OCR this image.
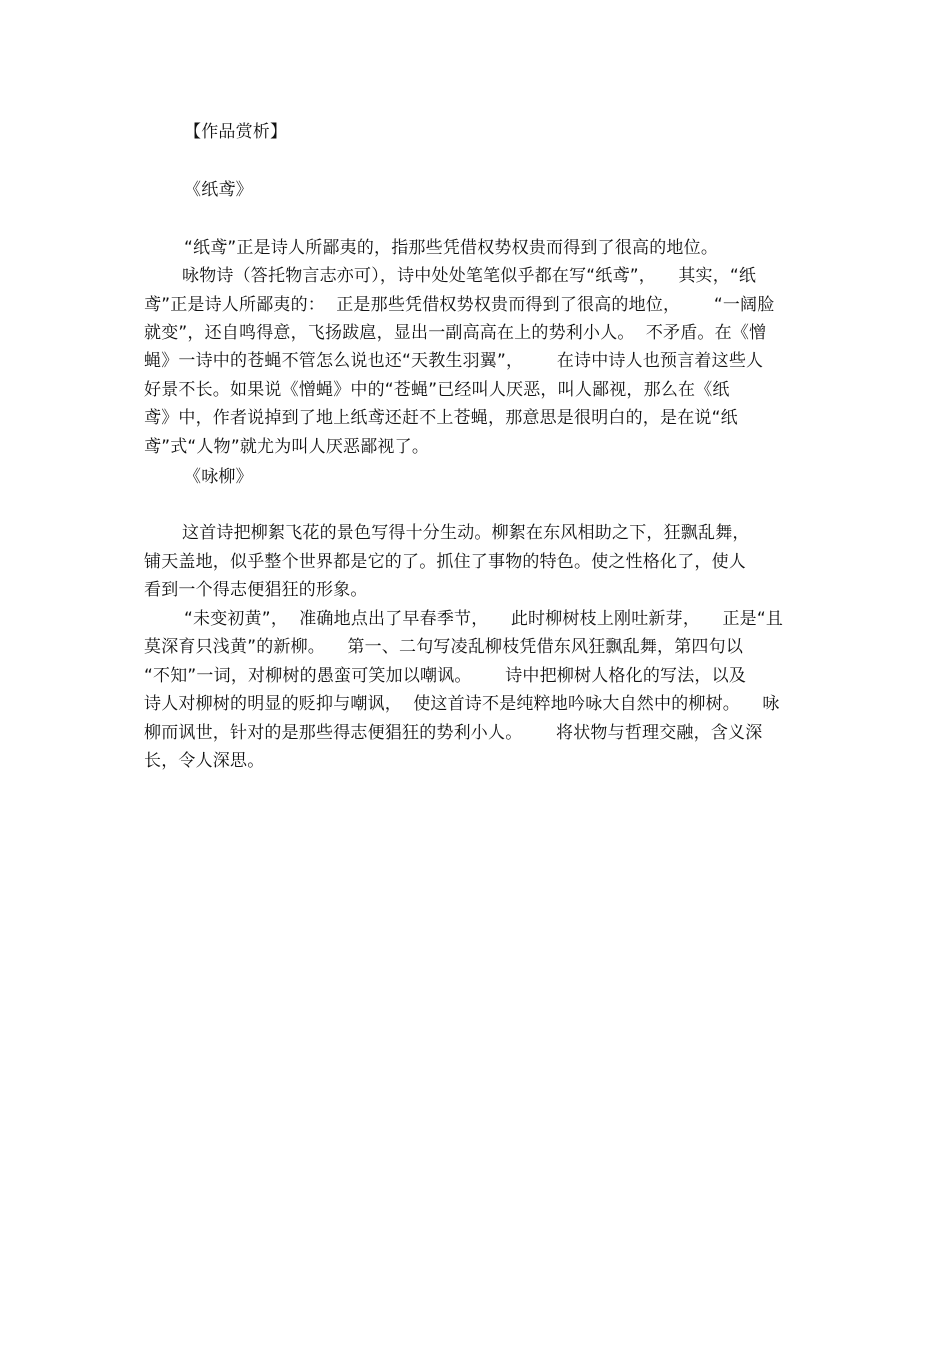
【作品赏析】
《纸鸢》
“纸鸢”正是诗人所鄙夷的，指那些凭借权势权贵而得到了很高的地位。
咏物诗（答托物言志亦可），诗中处处笔笔似乎都在写“纸鸢”，    其实，“纸
鸢”正是诗人所鄙夷的：  正是那些凭借权势权贵而得到了很高的地位，      “一阔脸
就变”，还自鸣得意，飞扬跋扈，显出一副高高在上的势利小人。  不矛盾。在《憎
蝇》一诗中的苍蝇不管怎么说也还“天教生羽翼”，      在诗中诗人也预言着这些人
好景不长。如果说《憎蝇》中的“苍蝇”已经叫人厌恶，叫人鄙视，那么在《纸
鸢》中，作者说掉到了地上纸鸢还赶不上苍蝇，那意思是很明白的，是在说“纸
鸢”式“人物”就尤为叫人厌恶鄙视了。
《咏柳》
这首诗把柳絮飞花的景色写得十分生动。柳絮在东风相助之下，狂飘乱舞，
铺天盖地，似乎整个世界都是它的了。抓住了事物的特色。使之性格化了，使人
看到一个得志便猖狂的形象。
“未变初黄”，  准确地点出了早春季节，    此时柳树枝上刚吐新芽，    正是“且
莫深育只浅黄”的新柳。    第一、二句写凌乱柳枝凭借东风狂飘乱舞，第四句以
“不知”一词，对柳树的愚蛮可笑加以嘲讽。      诗中把柳树人格化的写法，以及
诗人对柳树的明显的贬抑与嘲讽，  使这首诗不是纯粹地吟咏大自然中的柳树。    咏
柳而讽世，针对的是那些得志便猖狂的势利小人。      将状物与哲理交融，含义深
长，令人深思。
